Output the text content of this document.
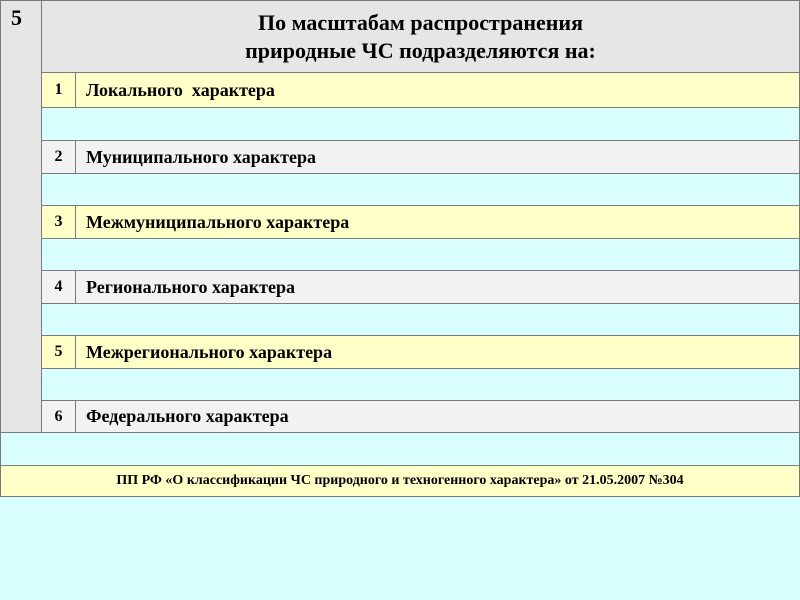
5	По масштабам распространения
природные ЧС подразделяются на:
1	Локального  характера
2	Муниципального характера
3	Межмуниципального характера
4	Регионального характера
5	Межрегионального характера
6	Федерального характера
ПП РФ «О классификации ЧС природного и техногенного характера» от 21.05.2007 №304
